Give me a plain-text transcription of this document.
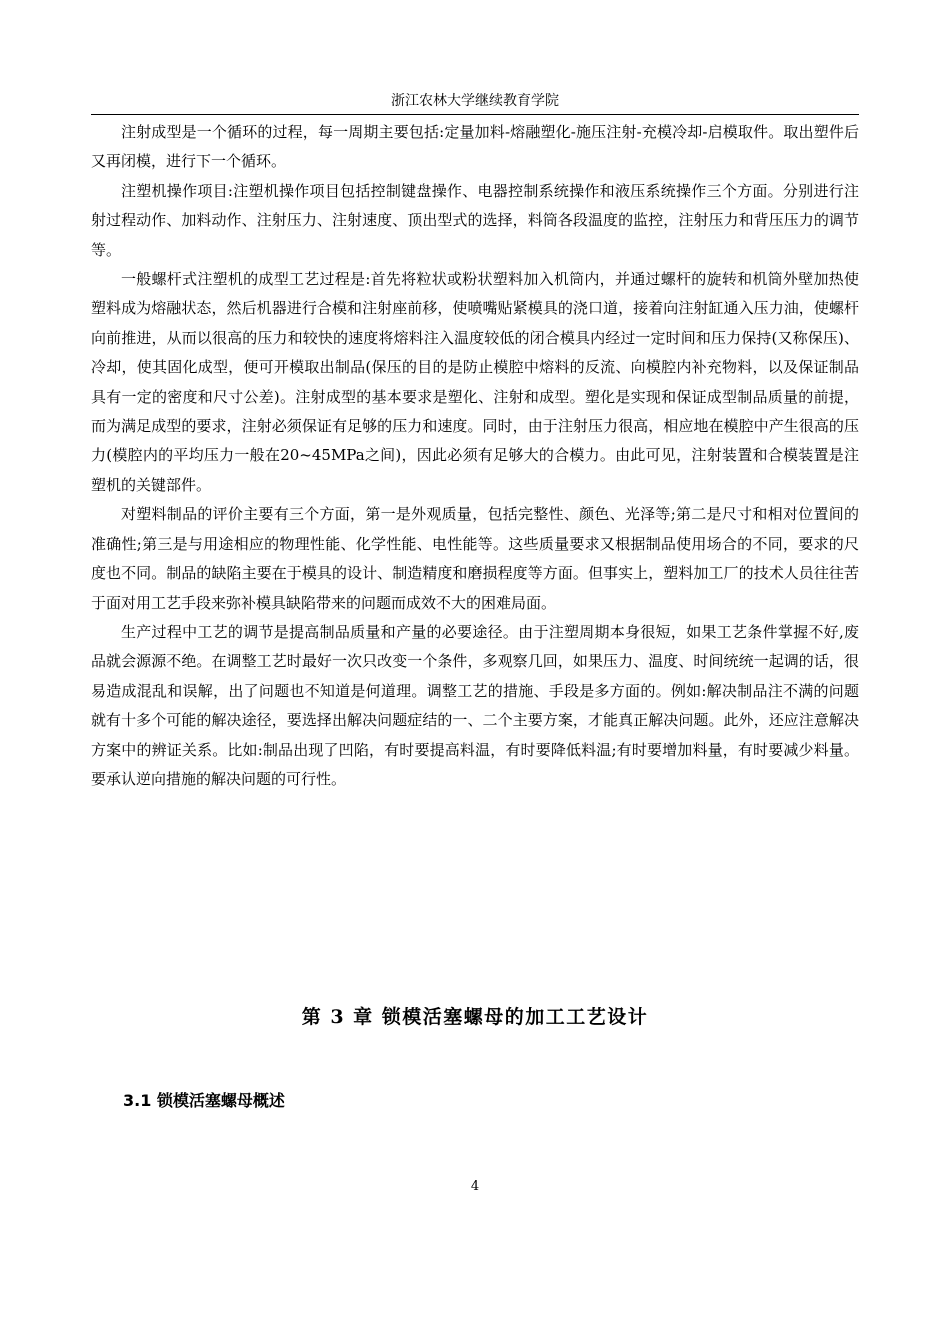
浙江农林大学继续教育学院

注射成型是一个循环的过程，每一周期主要包括:定量加料-熔融塑化-施压注射-充模冷却-启模取件。取出塑件后又再闭模，进行下一个循环。

注塑机操作项目:注塑机操作项目包括控制键盘操作、电器控制系统操作和液压系统操作三个方面。分别进行注射过程动作、加料动作、注射压力、注射速度、顶出型式的选择，料筒各段温度的监控，注射压力和背压压力的调节等。

一般螺杆式注塑机的成型工艺过程是:首先将粒状或粉状塑料加入机筒内，并通过螺杆的旋转和机筒外壁加热使塑料成为熔融状态，然后机器进行合模和注射座前移，使喷嘴贴紧模具的浇口道，接着向注射缸通入压力油，使螺杆向前推进，从而以很高的压力和较快的速度将熔料注入温度较低的闭合模具内经过一定时间和压力保持(又称保压)、冷却，使其固化成型，便可开模取出制品(保压的目的是防止模腔中熔料的反流、向模腔内补充物料，以及保证制品具有一定的密度和尺寸公差)。注射成型的基本要求是塑化、注射和成型。塑化是实现和保证成型制品质量的前提，而为满足成型的要求，注射必须保证有足够的压力和速度。同时，由于注射压力很高，相应地在模腔中产生很高的压力(模腔内的平均压力一般在20~45MPa之间)，因此必须有足够大的合模力。由此可见，注射装置和合模装置是注塑机的关键部件。

对塑料制品的评价主要有三个方面，第一是外观质量，包括完整性、颜色、光泽等;第二是尺寸和相对位置间的准确性;第三是与用途相应的物理性能、化学性能、电性能等。这些质量要求又根据制品使用场合的不同，要求的尺度也不同。制品的缺陷主要在于模具的设计、制造精度和磨损程度等方面。但事实上，塑料加工厂的技术人员往往苦于面对用工艺手段来弥补模具缺陷带来的问题而成效不大的困难局面。

生产过程中工艺的调节是提高制品质量和产量的必要途径。由于注塑周期本身很短，如果工艺条件掌握不好,废品就会源源不绝。在调整工艺时最好一次只改变一个条件，多观察几回，如果压力、温度、时间统统一起调的话，很易造成混乱和误解，出了问题也不知道是何道理。调整工艺的措施、手段是多方面的。例如:解决制品注不满的问题就有十多个可能的解决途径，要选择出解决问题症结的一、二个主要方案，才能真正解决问题。此外，还应注意解决方案中的辨证关系。比如:制品出现了凹陷，有时要提高料温，有时要降低料温;有时要增加料量，有时要减少料量。要承认逆向措施的解决问题的可行性。

第 3 章 锁模活塞螺母的加工工艺设计
3.1 锁模活塞螺母概述
4
